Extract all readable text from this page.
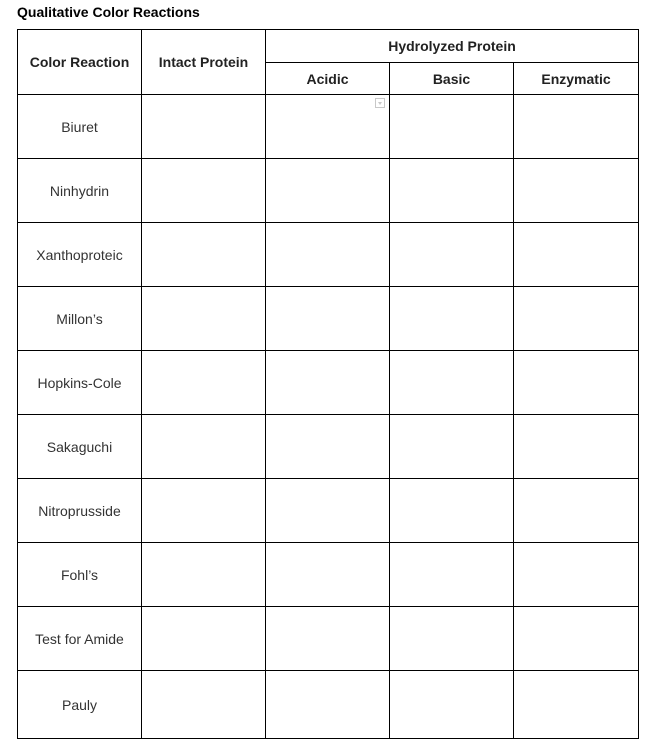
Qualitative Color Reactions
Color Reaction	Intact Protein	Hydrolyzed Protein		
		Acidic	Basic	Enzymatic
Biuret		

Ninhydrin				
Xanthoproteic				
Millon’s				
Hopkins-Cole				
Sakaguchi				
Nitroprusside				
Fohl’s				
Test for Amide				
Pauly				
